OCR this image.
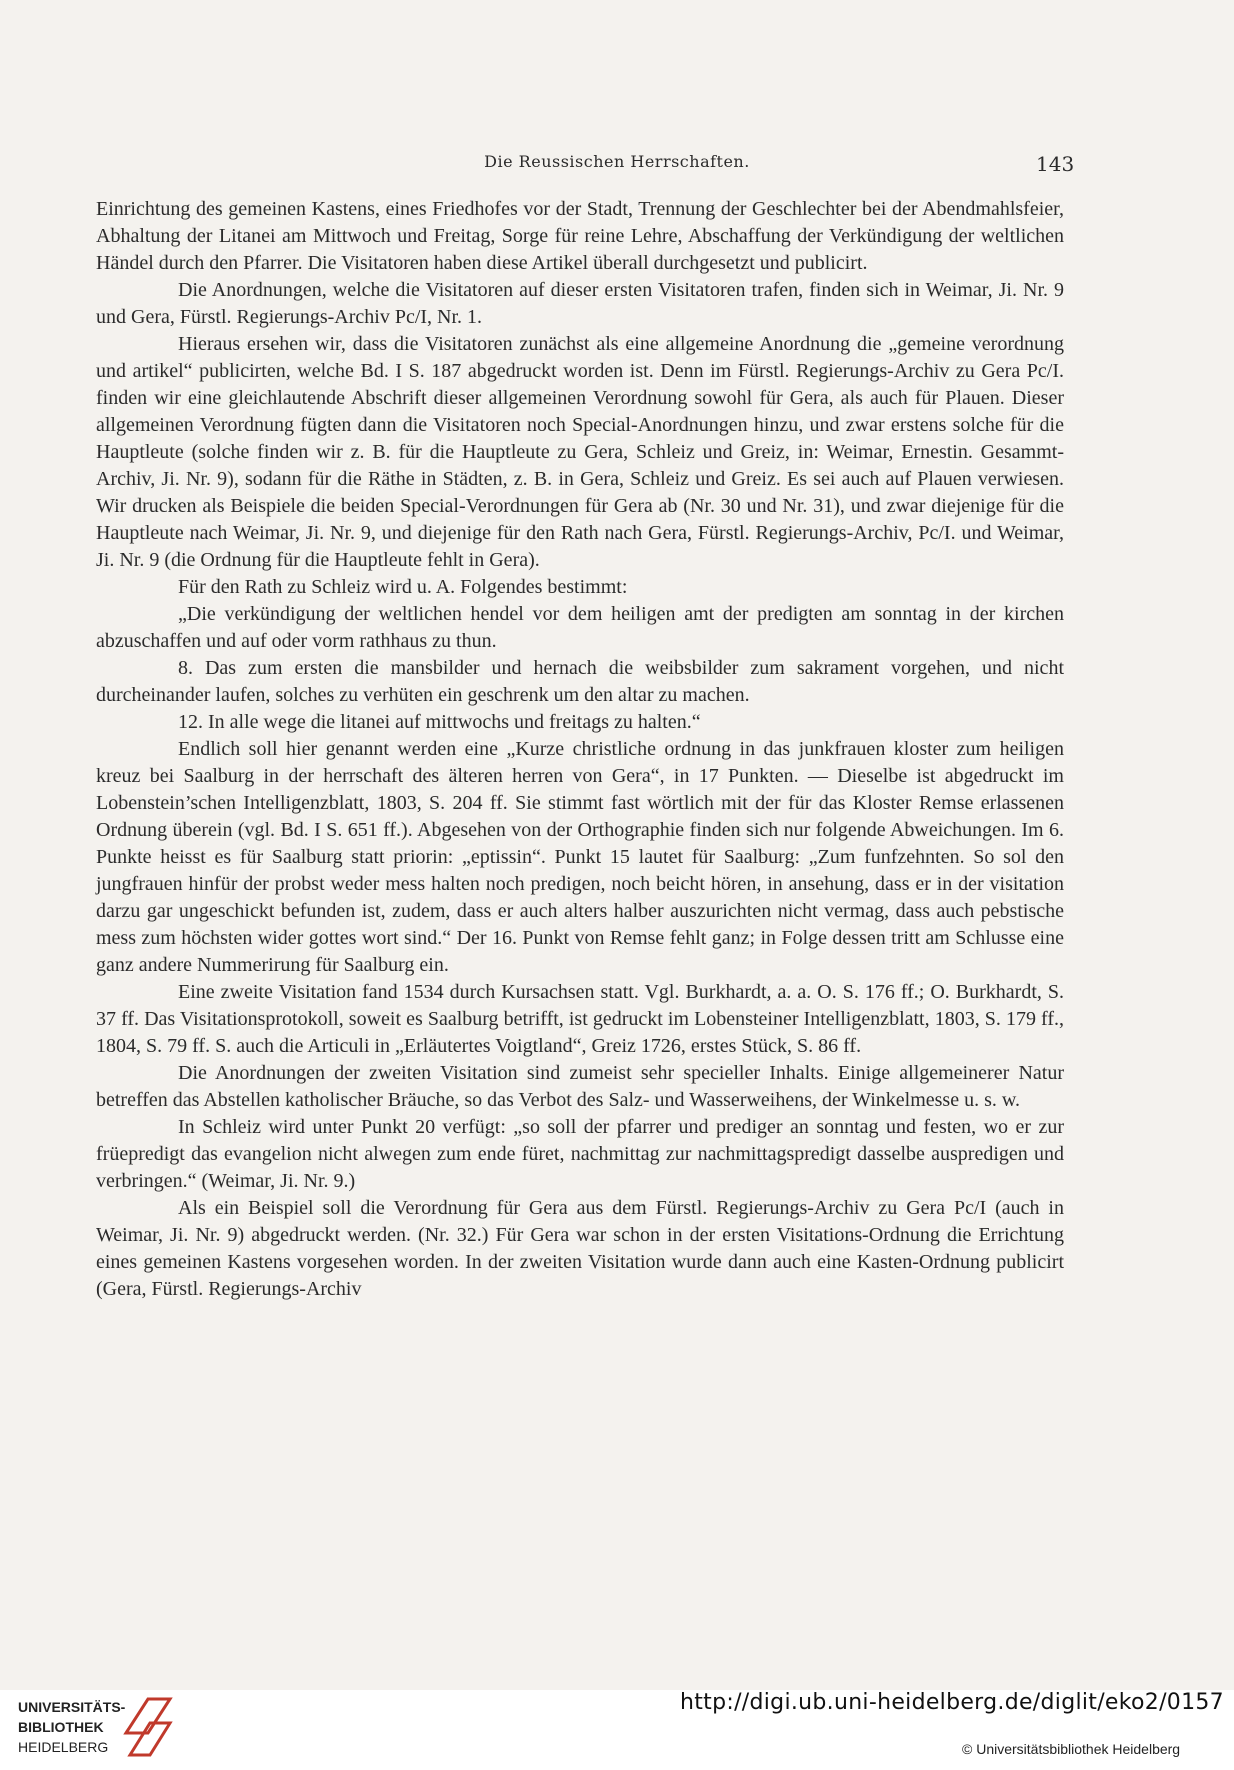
Die Reussischen Herrschaften.	143

Einrichtung des gemeinen Kastens, eines Friedhofes vor der Stadt, Trennung der Geschlechter bei der Abendmahlsfeier, Abhaltung der Litanei am Mittwoch und Freitag, Sorge für reine Lehre, Abschaffung der Verkündigung der weltlichen Händel durch den Pfarrer. Die Visitatoren haben diese Artikel überall durchgesetzt und publicirt.

Die Anordnungen, welche die Visitatoren auf dieser ersten Visitatoren trafen, finden sich in Weimar, Ji. Nr. 9 und Gera, Fürstl. Regierungs-Archiv Pc/I, Nr. 1.

Hieraus ersehen wir, dass die Visitatoren zunächst als eine allgemeine Anordnung die „gemeine verordnung und artikel“ publicirten, welche Bd. I S. 187 abgedruckt worden ist. Denn im Fürstl. Regierungs-Archiv zu Gera Pc/I. finden wir eine gleichlautende Abschrift dieser allgemeinen Verordnung sowohl für Gera, als auch für Plauen. Dieser allgemeinen Verordnung fügten dann die Visitatoren noch Special-Anordnungen hinzu, und zwar erstens solche für die Hauptleute (solche finden wir z. B. für die Hauptleute zu Gera, Schleiz und Greiz, in: Weimar, Ernestin. Gesammt-Archiv, Ji. Nr. 9), sodann für die Räthe in Städten, z. B. in Gera, Schleiz und Greiz. Es sei auch auf Plauen verwiesen. Wir drucken als Beispiele die beiden Special-Verordnungen für Gera ab (Nr. 30 und Nr. 31), und zwar diejenige für die Hauptleute nach Weimar, Ji. Nr. 9, und diejenige für den Rath nach Gera, Fürstl. Regierungs-Archiv, Pc/I. und Weimar, Ji. Nr. 9 (die Ordnung für die Hauptleute fehlt in Gera).

Für den Rath zu Schleiz wird u. A. Folgendes bestimmt:

„Die verkündigung der weltlichen hendel vor dem heiligen amt der predigten am sonntag in der kirchen abzuschaffen und auf oder vorm rathhaus zu thun.

8. Das zum ersten die mansbilder und hernach die weibsbilder zum sakrament vorgehen, und nicht durcheinander laufen, solches zu verhüten ein geschrenk um den altar zu machen.

12. In alle wege die litanei auf mittwochs und freitags zu halten.“

Endlich soll hier genannt werden eine „Kurze christliche ordnung in das junkfrauen kloster zum heiligen kreuz bei Saalburg in der herrschaft des älteren herren von Gera“, in 17 Punkten. — Dieselbe ist abgedruckt im Lobenstein’schen Intelligenzblatt, 1803, S. 204 ff. Sie stimmt fast wörtlich mit der für das Kloster Remse erlassenen Ordnung überein (vgl. Bd. I S. 651 ff.). Abgesehen von der Orthographie finden sich nur folgende Abweichungen. Im 6. Punkte heisst es für Saalburg statt priorin: „eptissin“. Punkt 15 lautet für Saalburg: „Zum funfzehnten. So sol den jungfrauen hinfür der probst weder mess halten noch predigen, noch beicht hören, in ansehung, dass er in der visitation darzu gar ungeschickt befunden ist, zudem, dass er auch alters halber auszurichten nicht vermag, dass auch pebstische mess zum höchsten wider gottes wort sind.“ Der 16. Punkt von Remse fehlt ganz; in Folge dessen tritt am Schlusse eine ganz andere Nummerirung für Saalburg ein.

Eine zweite Visitation fand 1534 durch Kursachsen statt. Vgl. Burkhardt, a. a. O. S. 176 ff.; O. Burkhardt, S. 37 ff. Das Visitationsprotokoll, soweit es Saalburg betrifft, ist gedruckt im Lobensteiner Intelligenzblatt, 1803, S. 179 ff., 1804, S. 79 ff. S. auch die Articuli in „Erläutertes Voigtland“, Greiz 1726, erstes Stück, S. 86 ff.

Die Anordnungen der zweiten Visitation sind zumeist sehr specieller Inhalts. Einige allgemeinerer Natur betreffen das Abstellen katholischer Bräuche, so das Verbot des Salz- und Wasserweihens, der Winkelmesse u. s. w.

In Schleiz wird unter Punkt 20 verfügt: „so soll der pfarrer und prediger an sonntag und festen, wo er zur früepredigt das evangelion nicht alwegen zum ende füret, nachmittag zur nachmittagspredigt dasselbe auspredigen und verbringen.“ (Weimar, Ji. Nr. 9.)

Als ein Beispiel soll die Verordnung für Gera aus dem Fürstl. Regierungs-Archiv zu Gera Pc/I (auch in Weimar, Ji. Nr. 9) abgedruckt werden. (Nr. 32.) Für Gera war schon in der ersten Visitations-Ordnung die Errichtung eines gemeinen Kastens vorgesehen worden. In der zweiten Visitation wurde dann auch eine Kasten-Ordnung publicirt (Gera, Fürstl. Regierungs-Archiv

UNIVERSITÄTS-
BIBLIOTHEK
HEIDELBERG
http://digi.ub.uni-heidelberg.de/diglit/eko2/0157
© Universitätsbibliothek Heidelberg
